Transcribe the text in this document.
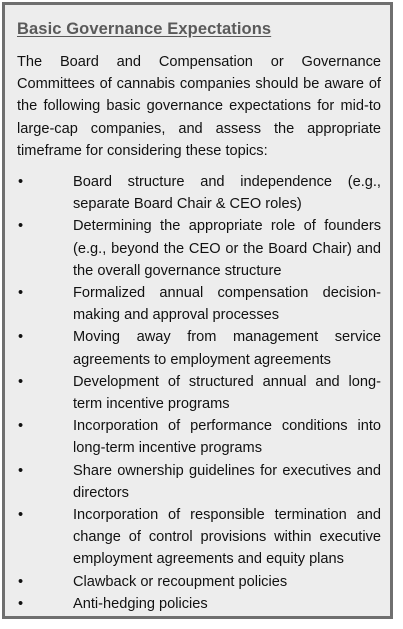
Basic Governance Expectations

The Board and Compensation or Governance Committees of cannabis companies should be aware of the following basic governance expectations for mid-to large-cap companies, and assess the appropriate timeframe for considering these topics:

•	Board structure and independence (e.g., separate Board Chair & CEO roles)
•	Determining the appropriate role of founders (e.g., beyond the CEO or the Board Chair) and the overall governance structure
•	Formalized annual compensation decision-making and approval processes
•	Moving away from management service agreements to employment agreements
•	Development of structured annual and long-term incentive programs
•	Incorporation of performance conditions into long-term incentive programs
•	Share ownership guidelines for executives and directors
•	Incorporation of responsible termination and change of control provisions within executive employment agreements and equity plans
•	Clawback or recoupment policies
•	Anti-hedging policies
